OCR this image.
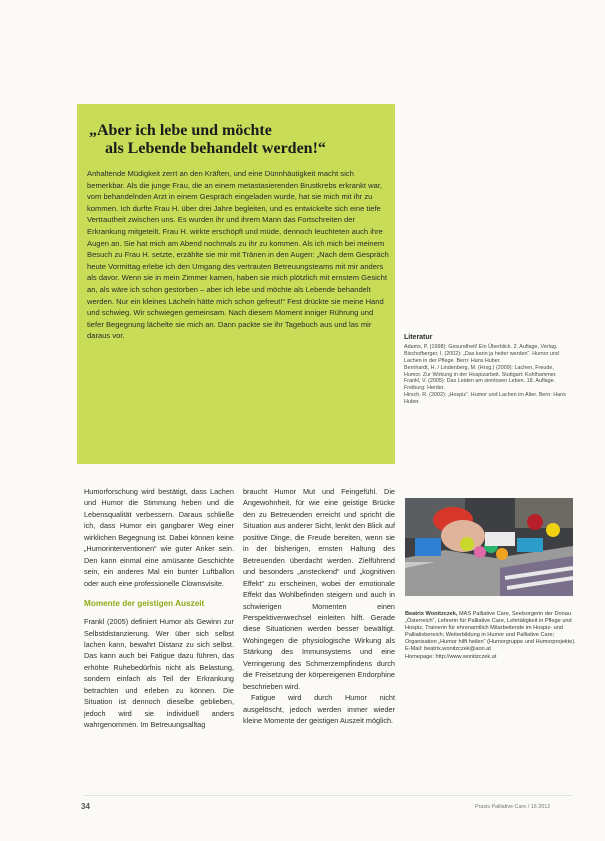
„Aber ich lebe und möchte
als Lebende behandelt werden!“

Anhaltende Müdigkeit zerrt an den Kräften, und eine Dünnhäutigkeit macht sich bemerkbar. Als die junge Frau, die an einem metastasierenden Brustkrebs erkrankt war, vom behandelnden Arzt in einem Gespräch eingeladen wurde, hat sie mich mit ihr zu kommen. Ich durfte Frau H. über drei Jahre begleiten, und es entwickelte sich eine tiefe Vertrautheit zwischen uns. Es wurden ihr und ihrem Mann das Fortschreiten der Erkrankung mitgeteilt. Frau H. wirkte erschöpft und müde, dennoch leuchteten auch ihre Augen an. Sie hat mich am Abend nochmals zu ihr zu kommen. Als ich mich bei meinem Besuch zu Frau H. setzte, erzählte sie mir mit Tränen in den Augen: „Nach dem Gespräch heute Vormittag erlebe ich den Umgang des vertrauten Betreuungsteams mit mir anders als davor. Wenn sie in mein Zimmer kamen, haben sie mich plötzlich mit ernstem Gesicht an, als wäre ich schon gestorben – aber ich lebe und möchte als Lebende behandelt werden. Nur ein kleines Lächeln hätte mich schon gefreut!“ Fest drückte sie meine Hand und schwieg. Wir schwiegen gemeinsam. Nach diesem Moment inniger Rührung und tiefer Begegnung lächelte sie mich an. Dann packte sie ihr Tagebuch aus und las mir daraus vor.	Literatur

Adams, P. (1998): Gesundheit! Ein Überblick. 2. Auflage, Verlag.

Bischofberger, I. (2002): „Das kann ja heiter werden“. Humor und Lachen in der Pflege. Bern: Hans Huber.

Bernhardt, H. / Lindenberg, M. (Hrsg.) (2009): Lachen, Freude, Humor. Zur Wirkung in der Hospizarbeit. Stuttgart: Kohlhammer.

Frankl, V. (2005): Das Leiden am sinnlosen Leben. 18. Auflage. Freiburg: Herder.

Hirsch, R. (2002): „Hospiz“. Humor und Lachen im Alter. Bern: Hans Huber.

Humorforschung wird bestätigt, dass Lachen und Humor die Stimmung heben und die Lebensqualität verbessern. Daraus schließe ich, dass Humor ein gangbarer Weg einer wirklichen Begegnung ist. Dabei können keine „Humorinterventionen“ wie guter Anker sein. Den kann einmal eine amüsante Geschichte sein, ein anderes Mal ein bunter Luftballon oder auch eine professionelle Clownsvisite.

Momente der geistigen Auszeit

Frankl (2005) definiert Humor als Gewinn zur Selbstdistanzierung. Wer über sich selbst lachen kann, bewahrt Distanz zu sich selbst. Das kann auch bei Fatigue dazu führen, das erhöhte Ruhebedürfnis nicht als Belastung, sondern einfach als Teil der Erkrankung betrachten und erleben zu können. Die Situation ist dennoch dieselbe geblieben, jedoch wird sie individuell anders wahrgenommen. Im Betreuungsalltag

braucht Humor Mut und Feingefühl. Die Angewohnheit, für wie eine geistige Brücke den zu Betreuenden erreicht und spricht die Situation aus anderer Sicht, lenkt den Blick auf positive Dinge, die Freude bereiten, wenn sie in der bisherigen, ernsten Haltung des Betreuenden überdacht werden. Zielführend und besonders „ansteckend“ und „kognitiven Effekt“ zu erscheinen, wobei der emotionale Effekt das Wohlbefinden steigern und auch in schwierigen Momenten einen Perspektivenwechsel einleiten hilft. Gerade diese Situationen werden besser bewältigt. Wohingegen die physiologische Wirkung als Stärkung des Immunsystems und eine Verringerung des Schmerzempfindens durch die Freisetzung der körpereigenen Endorphine beschrieben wird.

Fatigue wird durch Humor nicht ausgelöscht, jedoch werden immer wieder kleine Momente der geistigen Auszeit möglich.

Beatrix Wonitzczek, MAS Palliative Care, Seelsorgerin der Donau „Österreich“, Lehrerin für Palliative Care, Lehrtätigkeit in Pflege und Hospiz, Trainerin für ehrenamtlich Mitarbeitende im Hospiz- und Palliativbereich; Weiterbildung in Humor und Palliative Care; Organisation „Humor hilft heilen“ (Humorgruppe und Humorprojekte).

E-Mail: beatrix.wonitzczek@aon.at

Homepage: http://www.wonitzczek.at

34	Praxis Palliative Care / 16 2012
